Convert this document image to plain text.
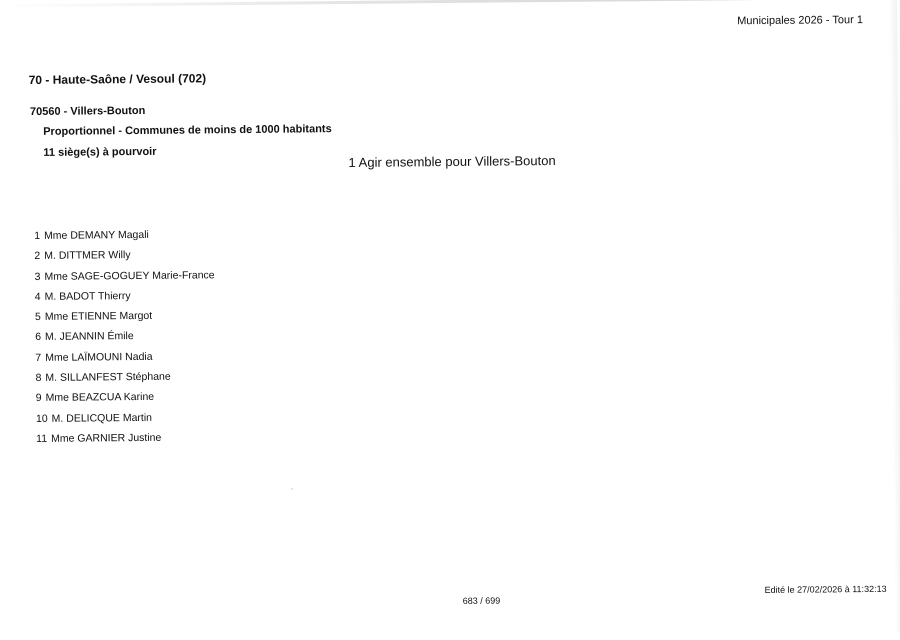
Municipales 2026 - Tour 1
70 - Haute-Saône / Vesoul (702)
70560 - Villers-Bouton
Proportionnel - Communes de moins de 1000 habitants
11 siège(s) à pourvoir
1 Agir ensemble pour Villers-Bouton
1 Mme DEMANY Magali
2 M. DITTMER Willy
3 Mme SAGE-GOGUEY Marie-France
4 M. BADOT Thierry
5 Mme ETIENNE Margot
6 M. JEANNIN Émile
7 Mme LAÏMOUNI Nadia
8 M. SILLANFEST Stéphane
9 Mme BEAZCUA Karine
10 M. DELICQUE Martin
11 Mme GARNIER Justine
683 / 699
Edité le 27/02/2026 à 11:32:13
